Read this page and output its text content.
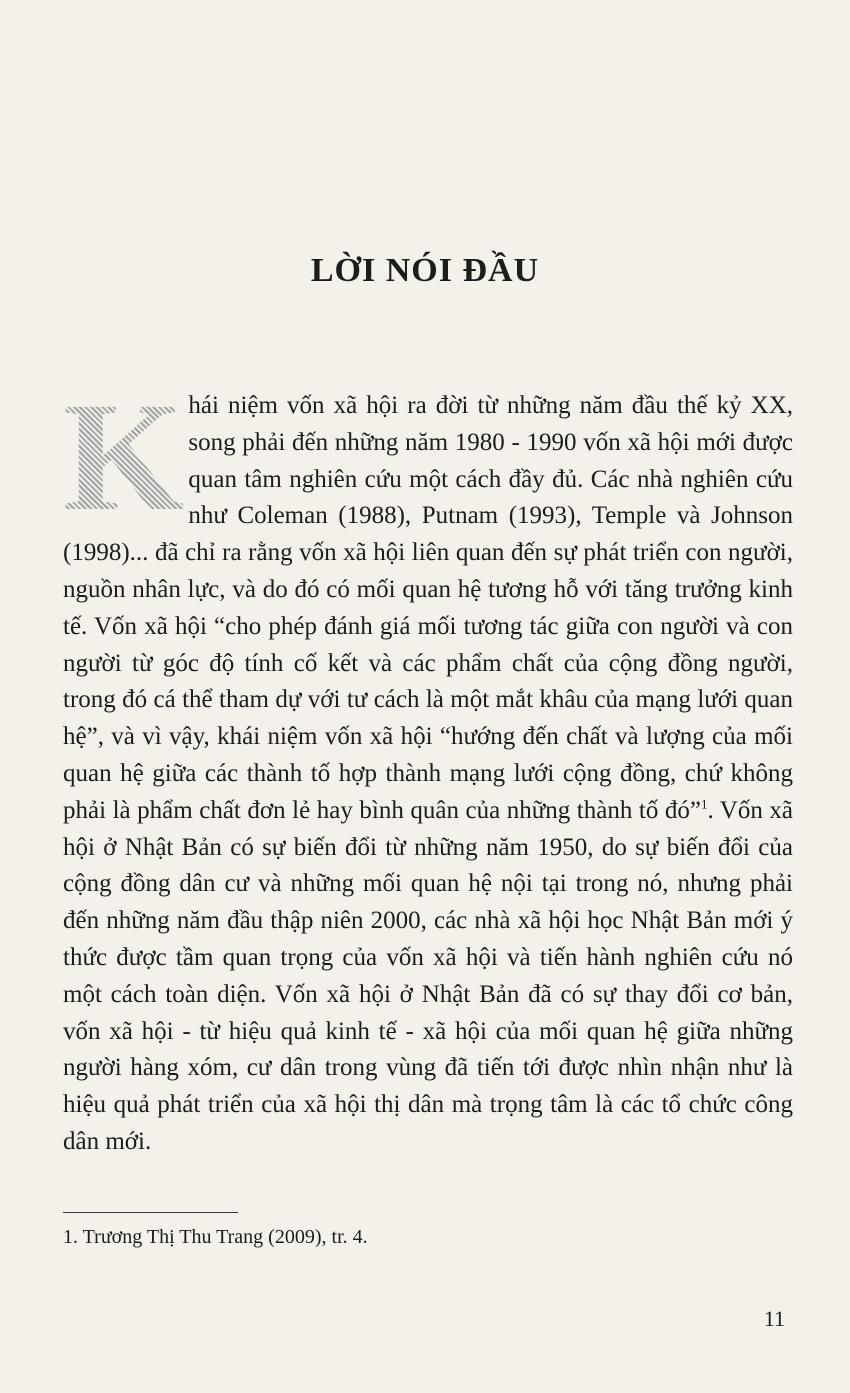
LỜI NÓI ĐẦU

K hái niệm vốn xã hội ra đời từ những năm đầu thế kỷ XX, song phải đến những năm 1980 - 1990 vốn xã hội mới được quan tâm nghiên cứu một cách đầy đủ. Các nhà nghiên cứu như Coleman (1988), Putnam (1993), Temple và Johnson (1998)... đã chỉ ra rằng vốn xã hội liên quan đến sự phát triển con người, nguồn nhân lực, và do đó có mối quan hệ tương hỗ với tăng trưởng kinh tế. Vốn xã hội “cho phép đánh giá mối tương tác giữa con người và con người từ góc độ tính cố kết và các phẩm chất của cộng đồng người, trong đó cá thể tham dự với tư cách là một mắt khâu của mạng lưới quan hệ”, và vì vậy, khái niệm vốn xã hội “hướng đến chất và lượng của mối quan hệ giữa các thành tố hợp thành mạng lưới cộng đồng, chứ không phải là phẩm chất đơn lẻ hay bình quân của những thành tố đó”$^1$. Vốn xã hội ở Nhật Bản có sự biến đổi từ những năm 1950, do sự biến đổi của cộng đồng dân cư và những mối quan hệ nội tại trong nó, nhưng phải đến những năm đầu thập niên 2000, các nhà xã hội học Nhật Bản mới ý thức được tầm quan trọng của vốn xã hội và tiến hành nghiên cứu nó một cách toàn diện. Vốn xã hội ở Nhật Bản đã có sự thay đổi cơ bản, vốn xã hội - từ hiệu quả kinh tế - xã hội của mối quan hệ giữa những người hàng xóm, cư dân trong vùng đã tiến tới được nhìn nhận như là hiệu quả phát triển của xã hội thị dân mà trọng tâm là các tổ chức công dân mới.

1. Trương Thị Thu Trang (2009), tr. 4.

11
